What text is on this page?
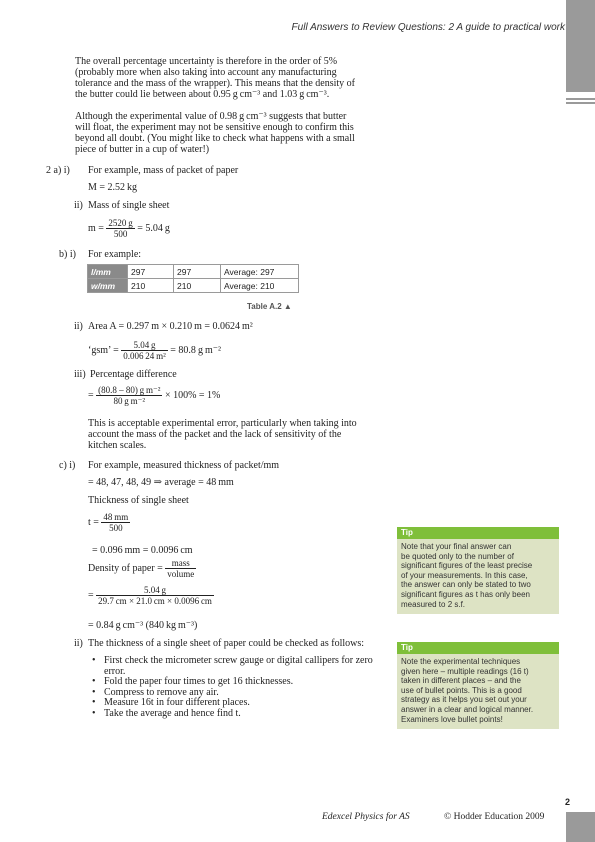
Full Answers to Review Questions: 2 A guide to practical work
The overall percentage uncertainty is therefore in the order of 5%
(probably more when also taking into account any manufacturing
tolerance and the mass of the wrapper). This means that the density of
the butter could lie between about 0.95 g cm⁻³ and 1.03 g cm⁻³.
Although the experimental value of 0.98 g cm⁻³ suggests that butter
will float, the experiment may not be sensitive enough to confirm this
beyond all doubt. (You might like to check what happens with a small
piece of butter in a cup of water!)
2 a) i) For example, mass of packet of paper
M = 2.52 kg
ii) Mass of single sheet
$m = \frac{2520 g}{500} = 5.04$ g
b) i) For example:
l/mm	297	297	Average: 297
w/mm	210	210	Average: 210
Table A.2 ▲
ii) Area A = 0.297 m × 0.210 m = 0.0624 m²
‘gsm’ = $\frac{5.04 g}{\text{0.006 24 m²}} = 80.8$ g m⁻²
iii) Percentage difference
= $\frac{\text{(80.8 – 80) g m⁻²}}{\text{80 g m⁻²}} \times 100\% = 1\%$
This is acceptable experimental error, particularly when taking into
account the mass of the packet and the lack of sensitivity of the
kitchen scales.
c) i) For example, measured thickness of packet/mm
= 48, 47, 48, 49 ⇒ average = 48 mm
Thickness of single sheet
$t = \frac{48 mm}{500}$
= 0.096 mm = 0.0096 cm
Density of paper = $\frac{\text{mass}}{\text{volume}}$
= $\frac{5.04 g}{29.7 cm \times 21.0 cm \times 0.0096 cm}$
= 0.84 g cm⁻³ (840 kg m⁻³)
ii) The thickness of a single sheet of paper could be checked as follows:
• First check the micrometer screw gauge or digital callipers for zero error.
• Fold the paper four times to get 16 thicknesses.
• Compress to remove any air.
• Measure 16t in four different places.
• Take the average and hence find t.
Tip
Note that your final answer can
be quoted only to the number of
significant figures of the least precise
of your measurements. In this case,
the answer can only be stated to two
significant figures as t has only been
measured to 2 s.f.
Tip
Note the experimental techniques
given here – multiple readings (16 t)
taken in different places – and the
use of bullet points. This is a good
strategy as it helps you set out your
answer in a clear and logical manner.
Examiners love bullet points!
2
Edexcel Physics for AS	© Hodder Education 2009
